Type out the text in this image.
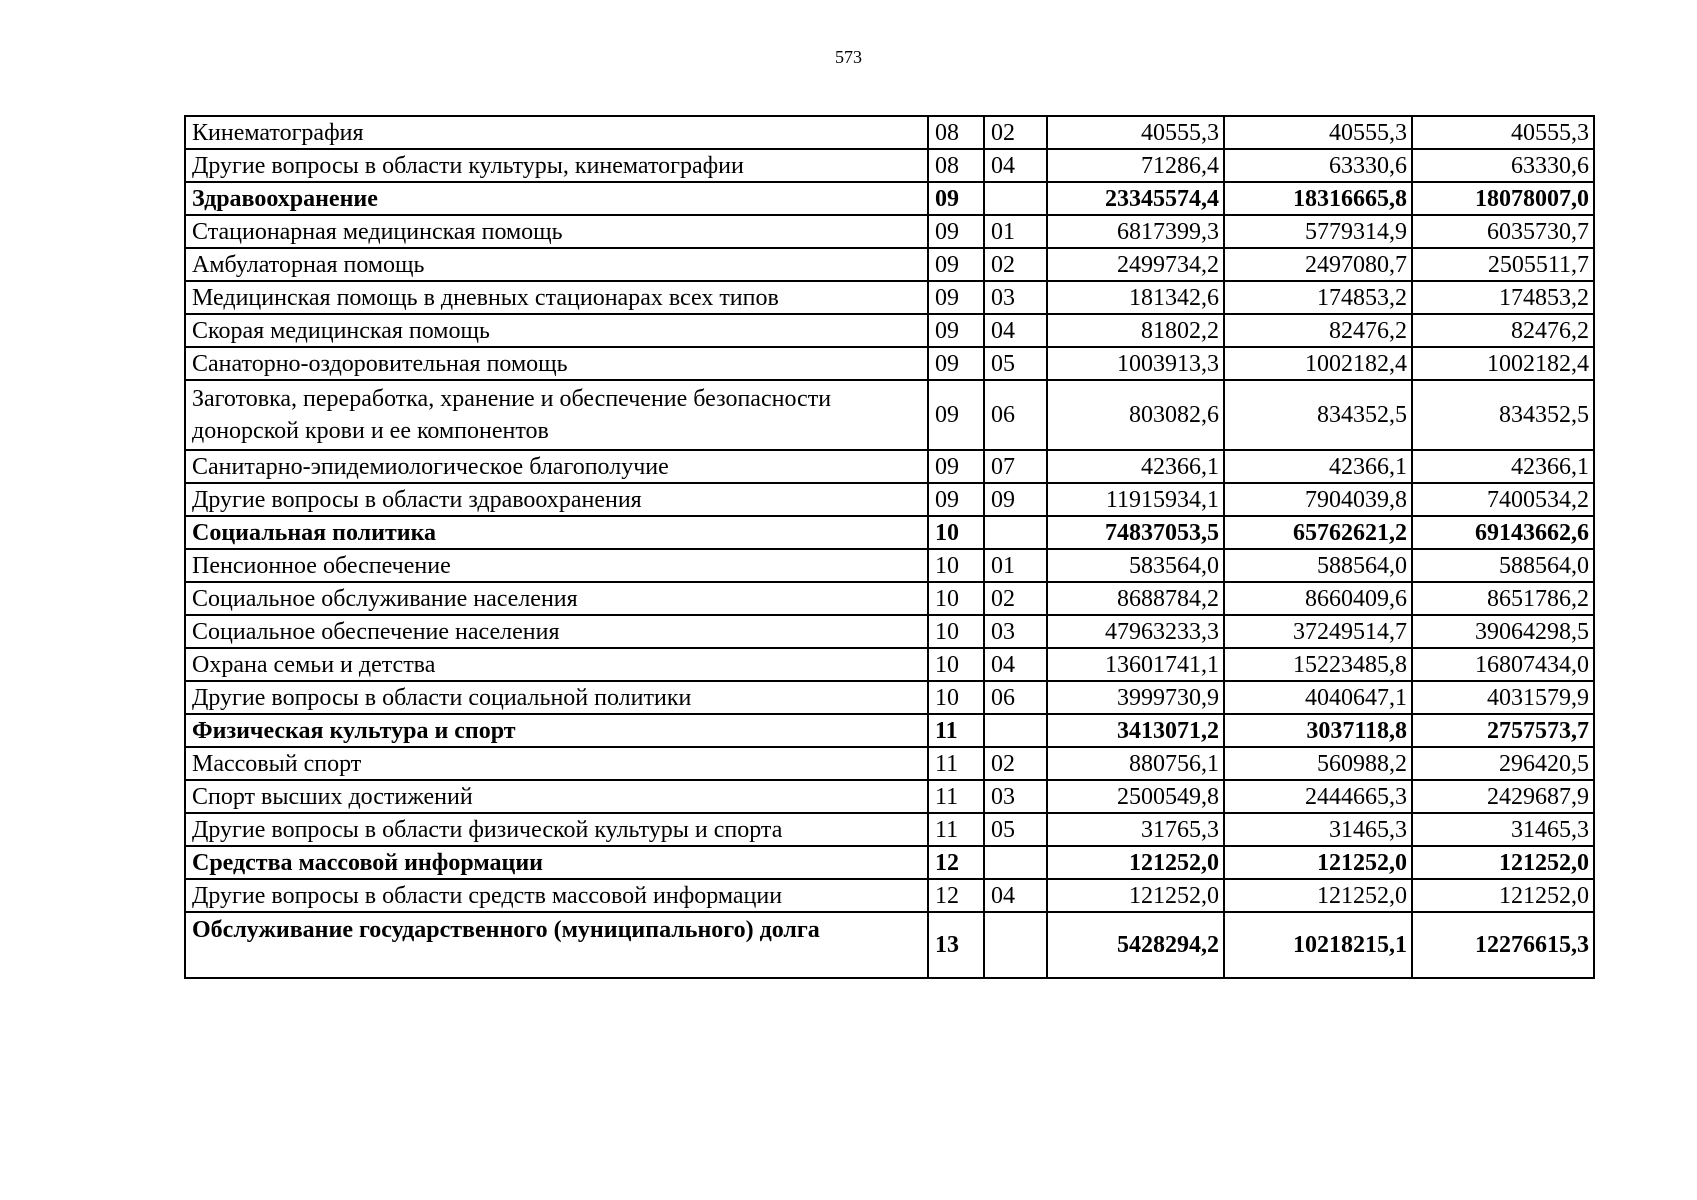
573
Кинематография	08	02	40555,3	40555,3	40555,3
Другие вопросы в области культуры, кинематографии	08	04	71286,4	63330,6	63330,6
Здравоохранение	09		23345574,4	18316665,8	18078007,0
Стационарная медицинская помощь	09	01	6817399,3	5779314,9	6035730,7
Амбулаторная помощь	09	02	2499734,2	2497080,7	2505511,7
Медицинская помощь в дневных стационарах всех типов	09	03	181342,6	174853,2	174853,2
Скорая медицинская помощь	09	04	81802,2	82476,2	82476,2
Санаторно-оздоровительная помощь	09	05	1003913,3	1002182,4	1002182,4
Заготовка, переработка, хранение и обеспечение безопасности донорской крови и ее компонентов	09	06	803082,6	834352,5	834352,5
Санитарно-эпидемиологическое благополучие	09	07	42366,1	42366,1	42366,1
Другие вопросы в области здравоохранения	09	09	11915934,1	7904039,8	7400534,2
Социальная политика	10		74837053,5	65762621,2	69143662,6
Пенсионное обеспечение	10	01	583564,0	588564,0	588564,0
Социальное обслуживание населения	10	02	8688784,2	8660409,6	8651786,2
Социальное обеспечение населения	10	03	47963233,3	37249514,7	39064298,5
Охрана семьи и детства	10	04	13601741,1	15223485,8	16807434,0
Другие вопросы в области социальной политики	10	06	3999730,9	4040647,1	4031579,9
Физическая культура и спорт	11		3413071,2	3037118,8	2757573,7
Массовый спорт	11	02	880756,1	560988,2	296420,5
Спорт высших достижений	11	03	2500549,8	2444665,3	2429687,9
Другие вопросы в области физической культуры и спорта	11	05	31765,3	31465,3	31465,3
Средства массовой информации	12		121252,0	121252,0	121252,0
Другие вопросы в области средств массовой информации	12	04	121252,0	121252,0	121252,0
Обслуживание государственного (муниципального) долга	13		5428294,2	10218215,1	12276615,3
